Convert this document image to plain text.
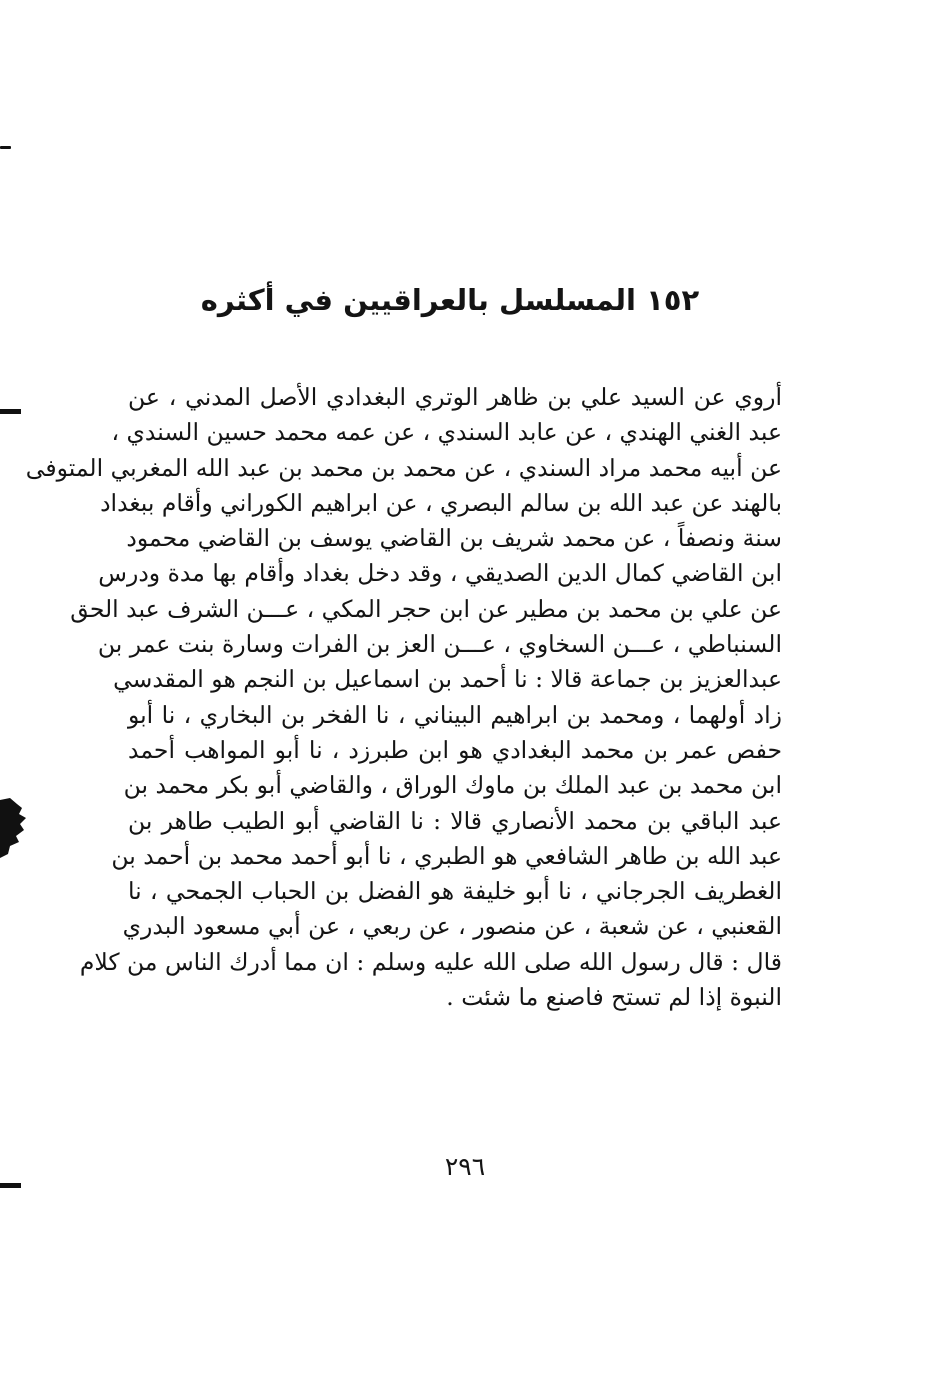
١٥٢ المسلسل بالعراقيين في أكثره
أروي عن السيد علي بن ظاهر الوتري البغدادي الأصل المدني ، عن
عبد الغني الهندي ، عن عابد السندي ، عن عمه محمد حسين السندي ،
عن أبيه محمد مراد السندي ، عن محمد بن محمد بن عبد الله المغربي المتوفى
بالهند عن عبد الله بن سالم البصري ، عن ابراهيم الكوراني وأقام ببغداد
سنة ونصفاً ، عن محمد شريف بن القاضي يوسف بن القاضي محمود
ابن القاضي كمال الدين الصديقي ، وقد دخل بغداد وأقام بها مدة ودرس
عن علي بن محمد بن مطير عن ابن حجر المكي ، عـــن الشرف عبد الحق
السنباطي ، عـــن السخاوي ، عـــن العز بن الفرات وسارة بنت عمر بن
عبدالعزيز بن جماعة قالا : نا أحمد بن اسماعيل بن النجم هو المقدسي
زاد أولهما ، ومحمد بن ابراهيم البيناني ، نا الفخر بن البخاري ، نا أبو
حفص عمر بن محمد البغدادي هو ابن طبرزد ، نا أبو المواهب أحمد
ابن محمد بن عبد الملك بن ماوك الوراق ، والقاضي أبو بكر محمد بن
عبد الباقي بن محمد الأنصاري قالا : نا القاضي أبو الطيب طاهر بن
عبد الله بن طاهر الشافعي هو الطبري ، نا أبو أحمد محمد بن أحمد بن
الغطريف الجرجاني ، نا أبو خليفة هو الفضل بن الحباب الجمحي ، نا
القعنبي ، عن شعبة ، عن منصور ، عن ربعي ، عن أبي مسعود البدري
قال : قال رسول الله صلى الله عليه وسلم : ان مما أدرك الناس من كلام
النبوة إذا لم تستح فاصنع ما شئت .
٢٩٦
